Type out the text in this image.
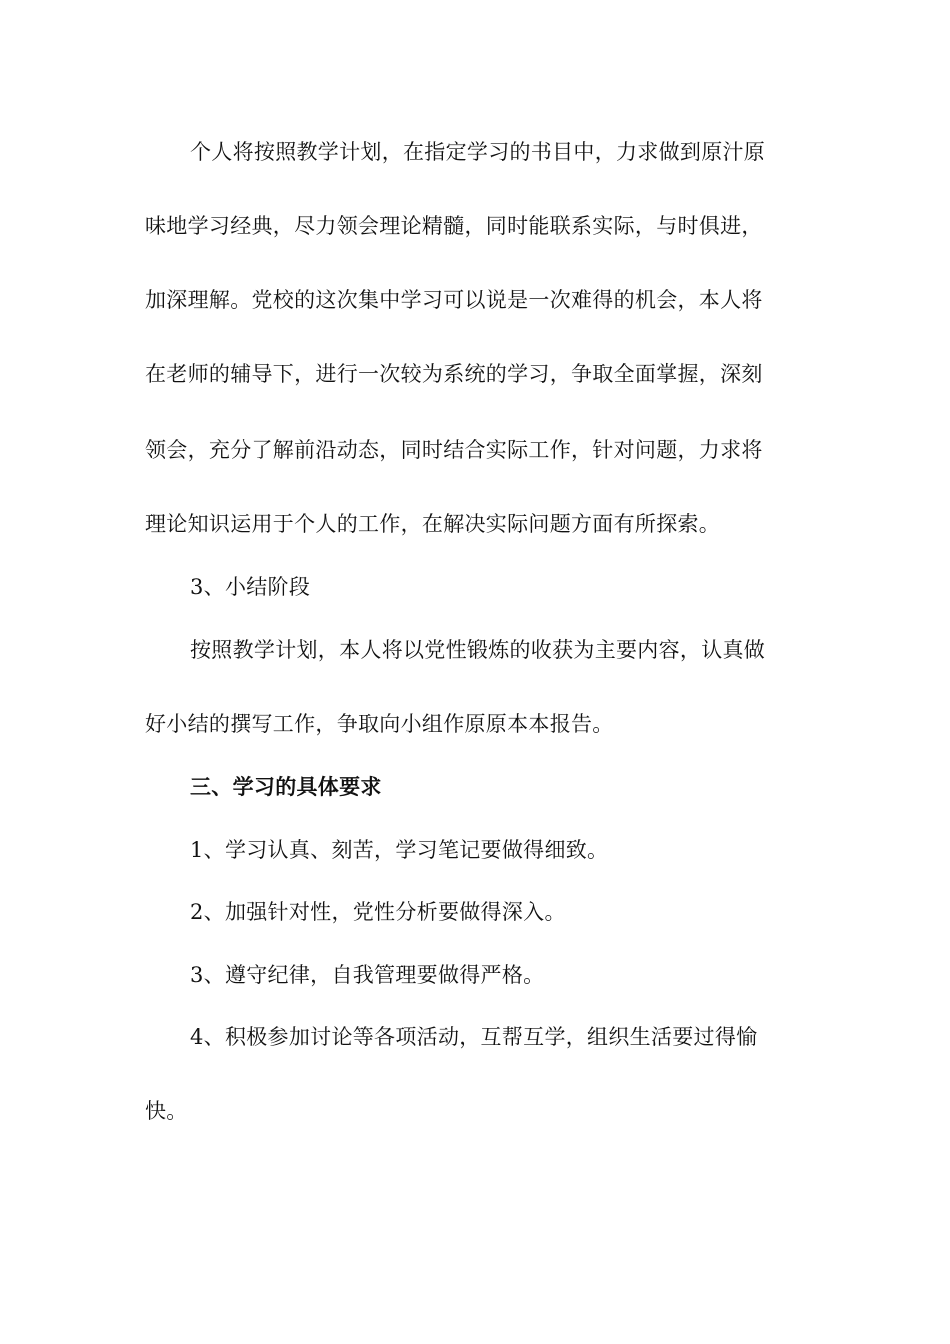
个人将按照教学计划，在指定学习的书目中，力求做到原汁原
味地学习经典，尽力领会理论精髓，同时能联系实际，与时俱进，
加深理解。党校的这次集中学习可以说是一次难得的机会，本人将
在老师的辅导下，进行一次较为系统的学习，争取全面掌握，深刻
领会，充分了解前沿动态，同时结合实际工作，针对问题，力求将
理论知识运用于个人的工作，在解决实际问题方面有所探索。
3、小结阶段
按照教学计划，本人将以党性锻炼的收获为主要内容，认真做
好小结的撰写工作，争取向小组作原原本本报告。
三、学习的具体要求
1、学习认真、刻苦，学习笔记要做得细致。
2、加强针对性，党性分析要做得深入。
3、遵守纪律，自我管理要做得严格。
4、积极参加讨论等各项活动，互帮互学，组织生活要过得愉
快。
